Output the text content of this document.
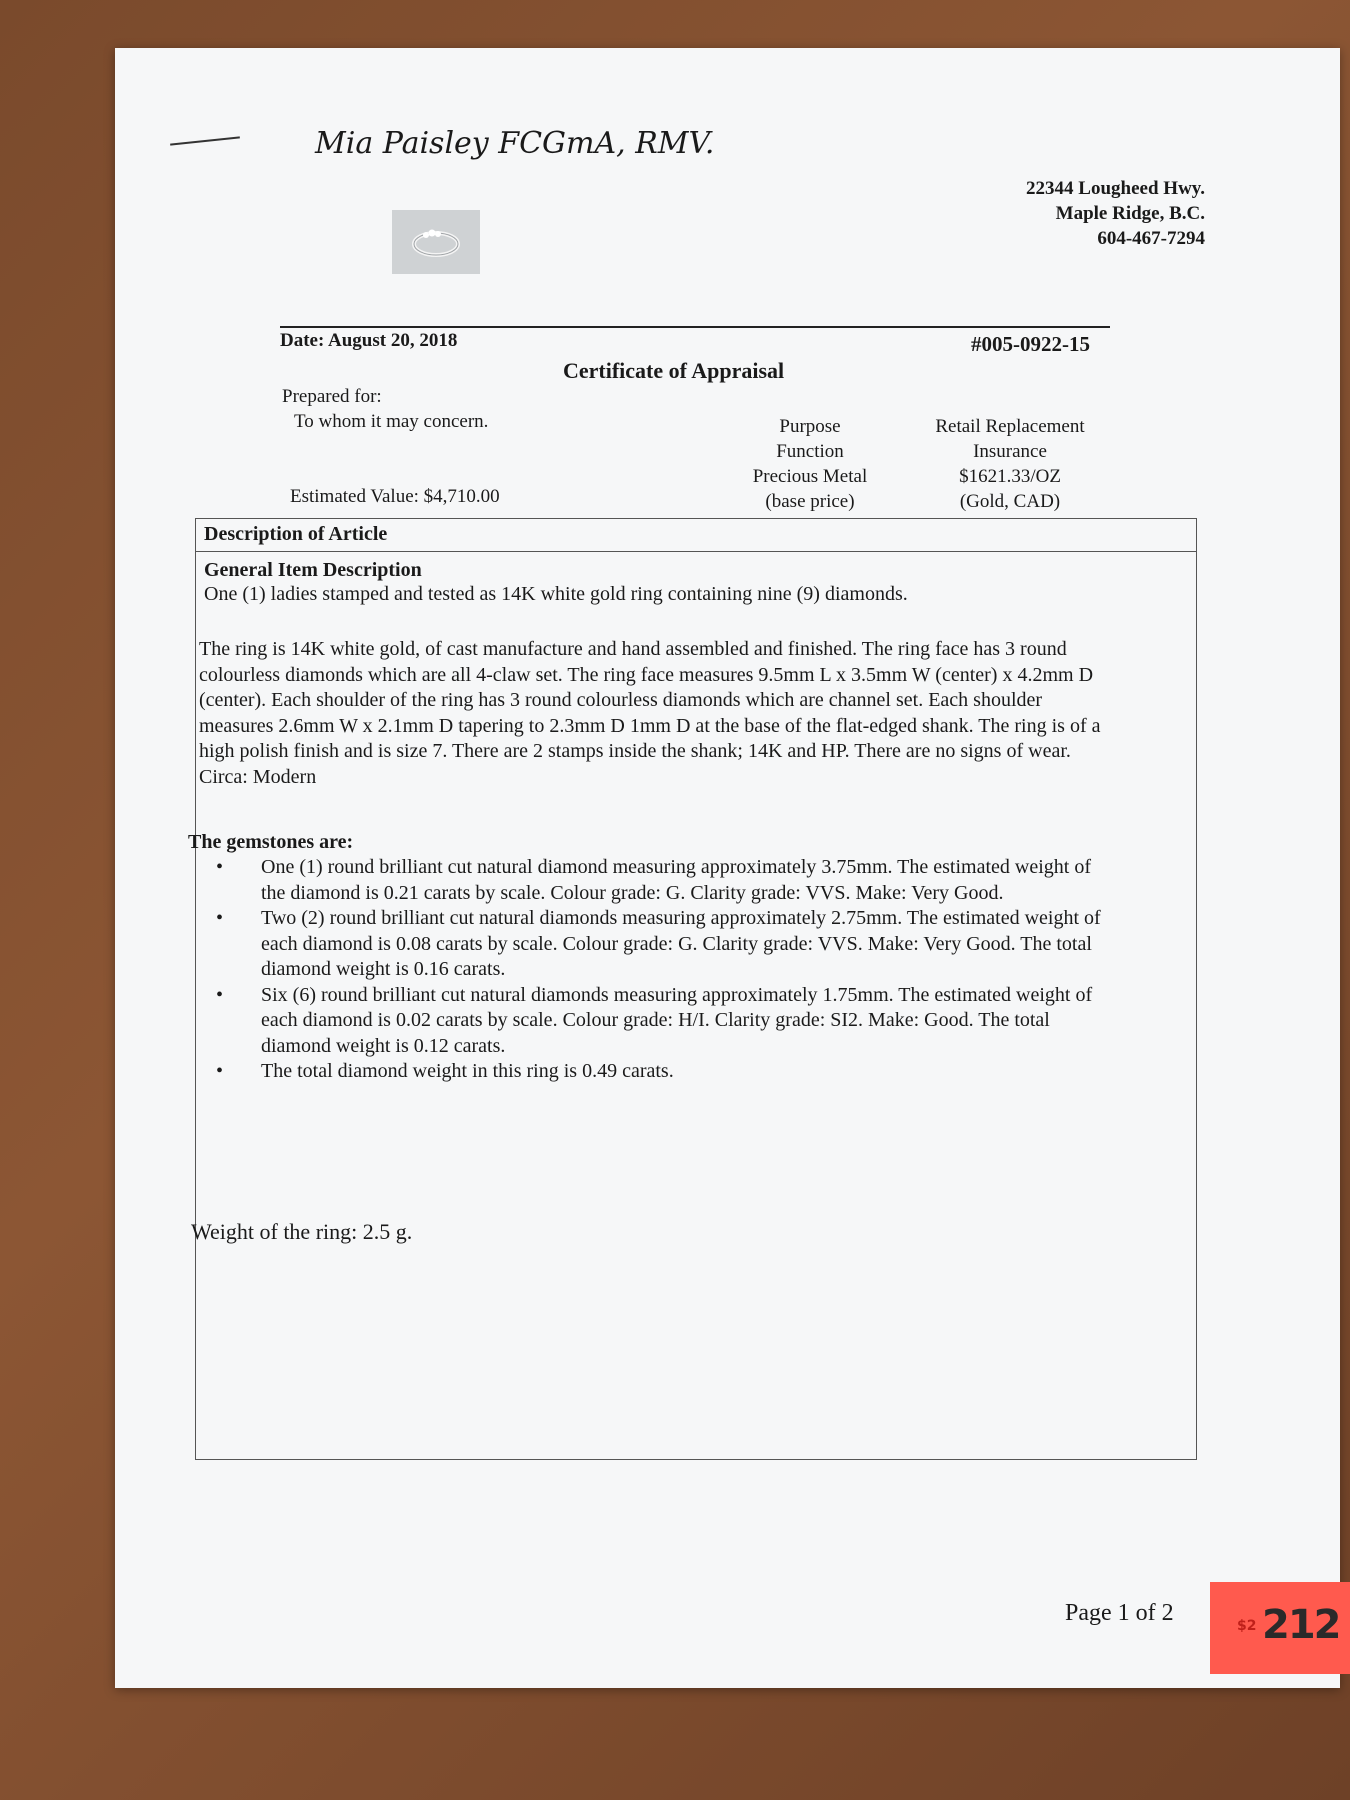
Mia Paisley FCGmA, RMV.
22344 Lougheed Hwy.
Maple Ridge, B.C.
604-467-7294
Date: August 20, 2018	#005-0922-15
Certificate of Appraisal
Prepared for:
To whom it may concern.
Estimated Value: $4,710.00
Purpose
Function
Precious Metal
(base price)
Retail Replacement
Insurance
$1621.33/OZ
(Gold, CAD)
Description of Article
General Item Description
One (1) ladies stamped and tested as 14K white gold ring containing nine (9) diamonds.
The ring is 14K white gold, of cast manufacture and hand assembled and finished. The ring face has 3 round colourless diamonds which are all 4-claw set. The ring face measures 9.5mm L x 3.5mm W (center) x 4.2mm D (center). Each shoulder of the ring has 3 round colourless diamonds which are channel set. Each shoulder measures 2.6mm W x 2.1mm D tapering to 2.3mm D 1mm D at the base of the flat-edged shank. The ring is of a high polish finish and is size 7. There are 2 stamps inside the shank; 14K and HP. There are no signs of wear. Circa: Modern
The gemstones are:
• One (1) round brilliant cut natural diamond measuring approximately 3.75mm. The estimated weight of the diamond is 0.21 carats by scale. Colour grade: G. Clarity grade: VVS. Make: Very Good.
• Two (2) round brilliant cut natural diamonds measuring approximately 2.75mm. The estimated weight of each diamond is 0.08 carats by scale. Colour grade: G. Clarity grade: VVS. Make: Very Good. The total diamond weight is 0.16 carats.
• Six (6) round brilliant cut natural diamonds measuring approximately 1.75mm. The estimated weight of each diamond is 0.02 carats by scale. Colour grade: H/I. Clarity grade: SI2. Make: Good. The total diamond weight is 0.12 carats.
• The total diamond weight in this ring is 0.49 carats.
Weight of the ring: 2.5 g.
Page 1 of 2	$2 212
